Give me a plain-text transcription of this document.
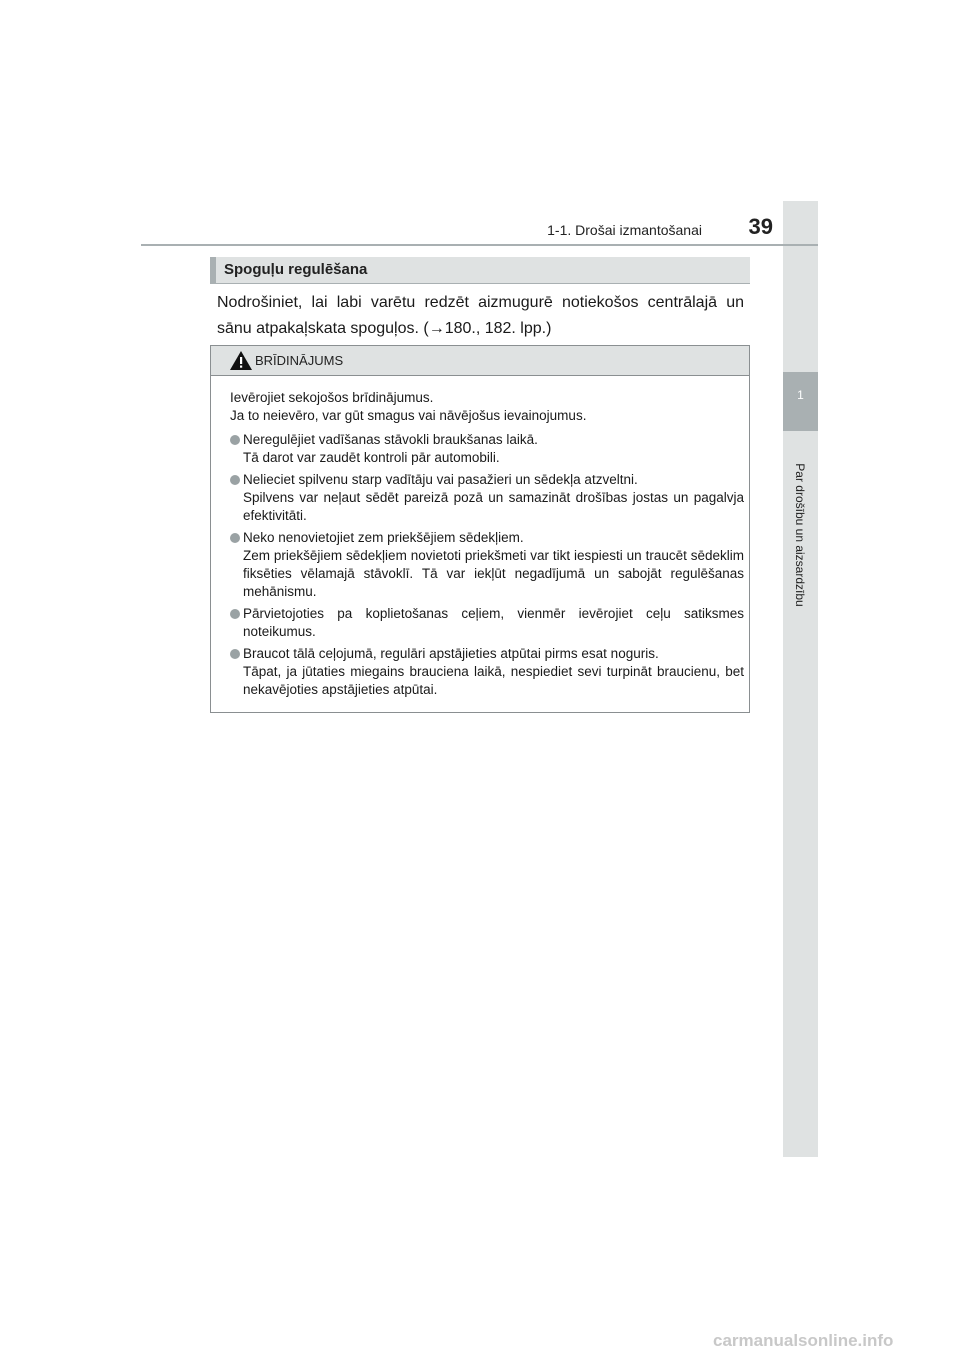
1
Par drošību un aizsardzību
1-1. Drošai izmantošanai	39
Spoguļu regulēšana
Nodrošiniet, lai labi varētu redzēt aizmugurē notiekošos centrālajā un sānu atpakaļskata spoguļos. (→180., 182. lpp.)
BRĪDINĀJUMS

Ievērojiet sekojošos brīdinājumus.

Ja to neievēro, var gūt smagus vai nāvējošus ievainojumus.

Neregulējiet vadīšanas stāvokli braukšanas laikā.
Tā darot var zaudēt kontroli pār automobili.
Nelieciet spilvenu starp vadītāju vai pasažieri un sēdekļa atzveltni.
Spilvens var neļaut sēdēt pareizā pozā un samazināt drošības jostas un pagalvja efektivitāti.
Neko nenovietojiet zem priekšējiem sēdekļiem.
Zem priekšējiem sēdekļiem novietoti priekšmeti var tikt iespiesti un traucēt sēdeklim fiksēties vēlamajā stāvoklī. Tā var iekļūt negadījumā un sabojāt regulēšanas mehānismu.
Pārvietojoties pa koplietošanas ceļiem, vienmēr ievērojiet ceļu satiksmes noteikumus.
Braucot tālā ceļojumā, regulāri apstājieties atpūtai pirms esat noguris.
Tāpat, ja jūtaties miegains brauciena laikā, nespiediet sevi turpināt braucienu, bet nekavējoties apstājieties atpūtai.
carmanualsonline.info
